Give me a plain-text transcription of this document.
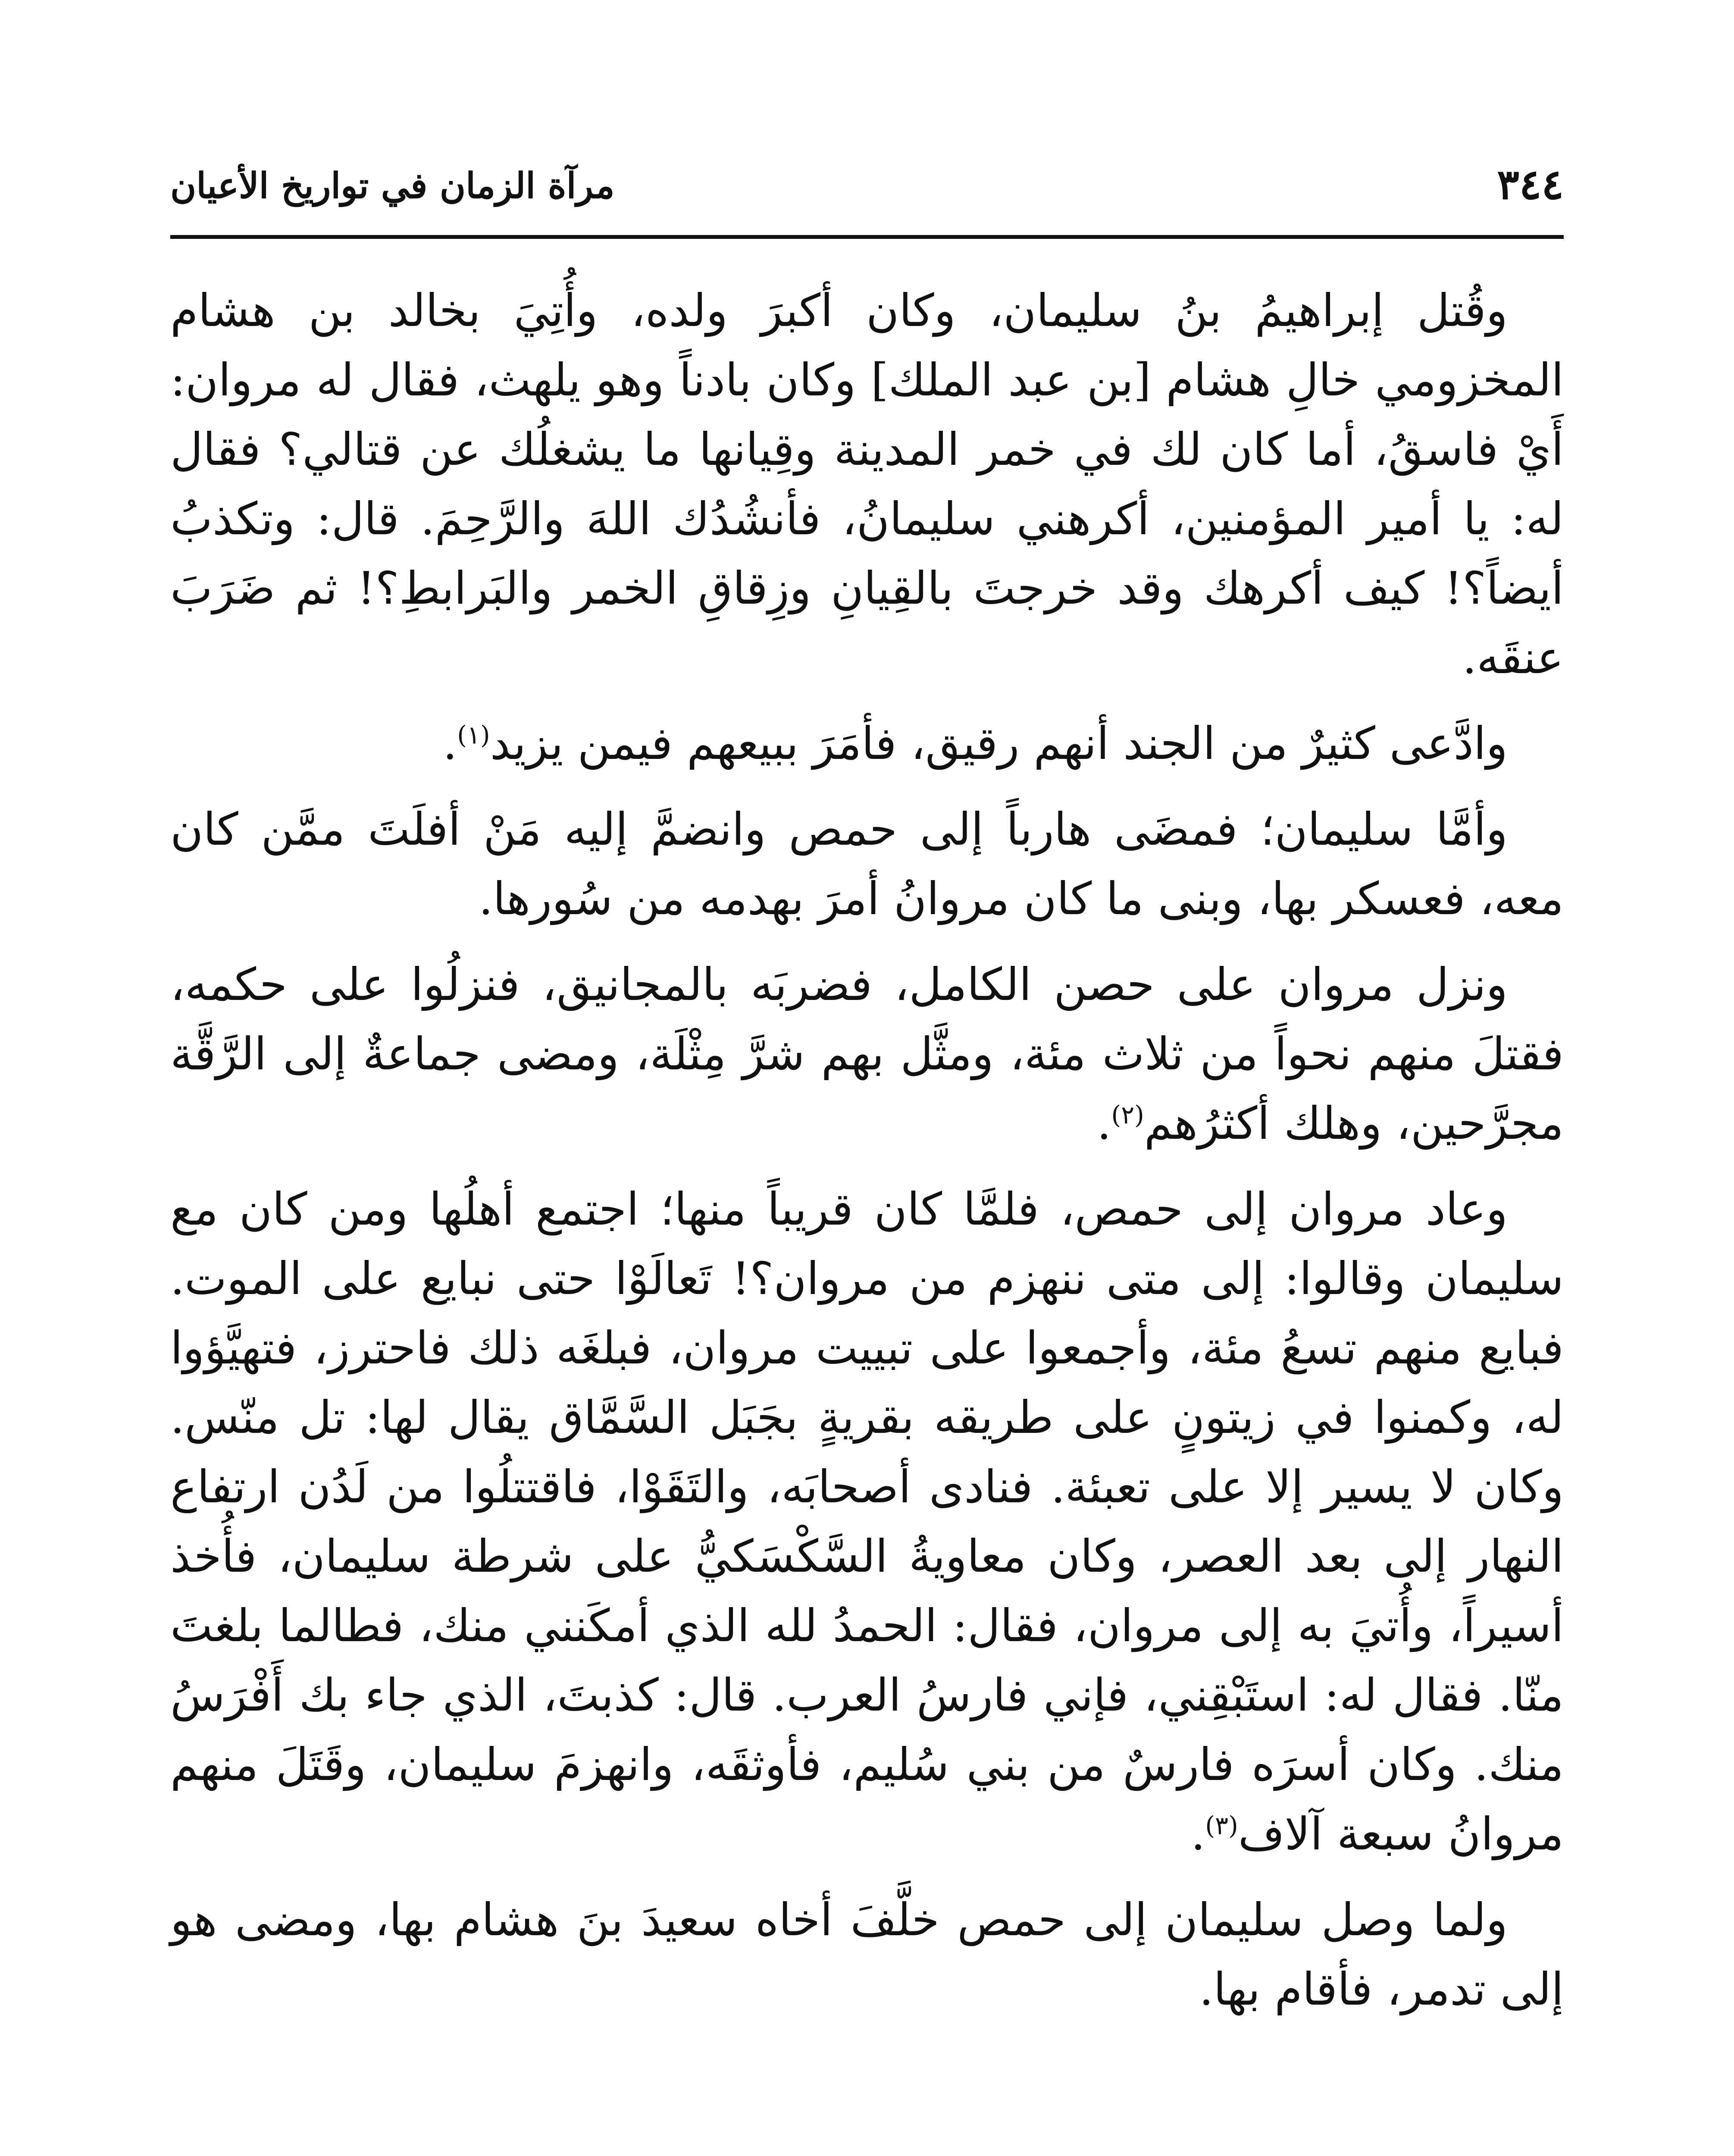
٣٤٤
مرآة الزمان في تواريخ الأعيان

وقُتل إبراهيمُ بنُ سليمان، وكان أكبرَ ولده، وأُتِيَ بخالد بن هشام المخزومي خالِ هشام [بن عبد الملك] وكان بادناً وهو يلهث، فقال له مروان: أَيْ فاسقُ، أما كان لك في خمر المدينة وقِيانها ما يشغلُك عن قتالي؟ فقال له: يا أمير المؤمنين، أكرهني سليمانُ، فأنشُدُك اللهَ والرَّحِمَ. قال: وتكذبُ أيضاً؟! كيف أكرهك وقد خرجتَ بالقِيانِ وزِقاقِ الخمر والبَرابطِ؟! ثم ضَرَبَ عنقَه.

وادَّعى كثيرٌ من الجند أنهم رقيق، فأمَرَ ببيعهم فيمن يزيد$^{(١)}$.

وأمَّا سليمان؛ فمضَى هارباً إلى حمص وانضمَّ إليه مَنْ أفلَتَ ممَّن كان معه، فعسكر بها، وبنى ما كان مروانُ أمرَ بهدمه من سُورها.

ونزل مروان على حصن الكامل، فضربَه بالمجانيق، فنزلُوا على حكمه، فقتلَ منهم نحواً من ثلاث مئة، ومثَّل بهم شرَّ مِثْلَة، ومضى جماعةٌ إلى الرَّقَّة مجرَّحين، وهلك أكثرُهم$^{(٢)}$.

وعاد مروان إلى حمص، فلمَّا كان قريباً منها؛ اجتمع أهلُها ومن كان مع سليمان وقالوا: إلى متى ننهزم من مروان؟! تَعالَوْا حتى نبايع على الموت. فبايع منهم تسعُ مئة، وأجمعوا على تبييت مروان، فبلغَه ذلك فاحترز، فتهيَّؤوا له، وكمنوا في زيتونٍ على طريقه بقريةٍ بجَبَل السَّمَّاق يقال لها: تل منّس. وكان لا يسير إلا على تعبئة. فنادى أصحابَه، والتَقَوْا، فاقتتلُوا من لَدُن ارتفاع النهار إلى بعد العصر، وكان معاويةُ السَّكْسَكيُّ على شرطة سليمان، فأُخذ أسيراً، وأُتيَ به إلى مروان، فقال: الحمدُ لله الذي أمكَنني منك، فطالما بلغتَ منّا. فقال له: استَبْقِني، فإني فارسُ العرب. قال: كذبتَ، الذي جاء بك أَفْرَسُ منك. وكان أسرَه فارسٌ من بني سُليم، فأوثقَه، وانهزمَ سليمان، وقَتَلَ منهم مروانُ سبعة آلاف$^{(٣)}$.

ولما وصل سليمان إلى حمص خلَّفَ أخاه سعيدَ بنَ هشام بها، ومضى هو إلى تدمر، فأقام بها.
